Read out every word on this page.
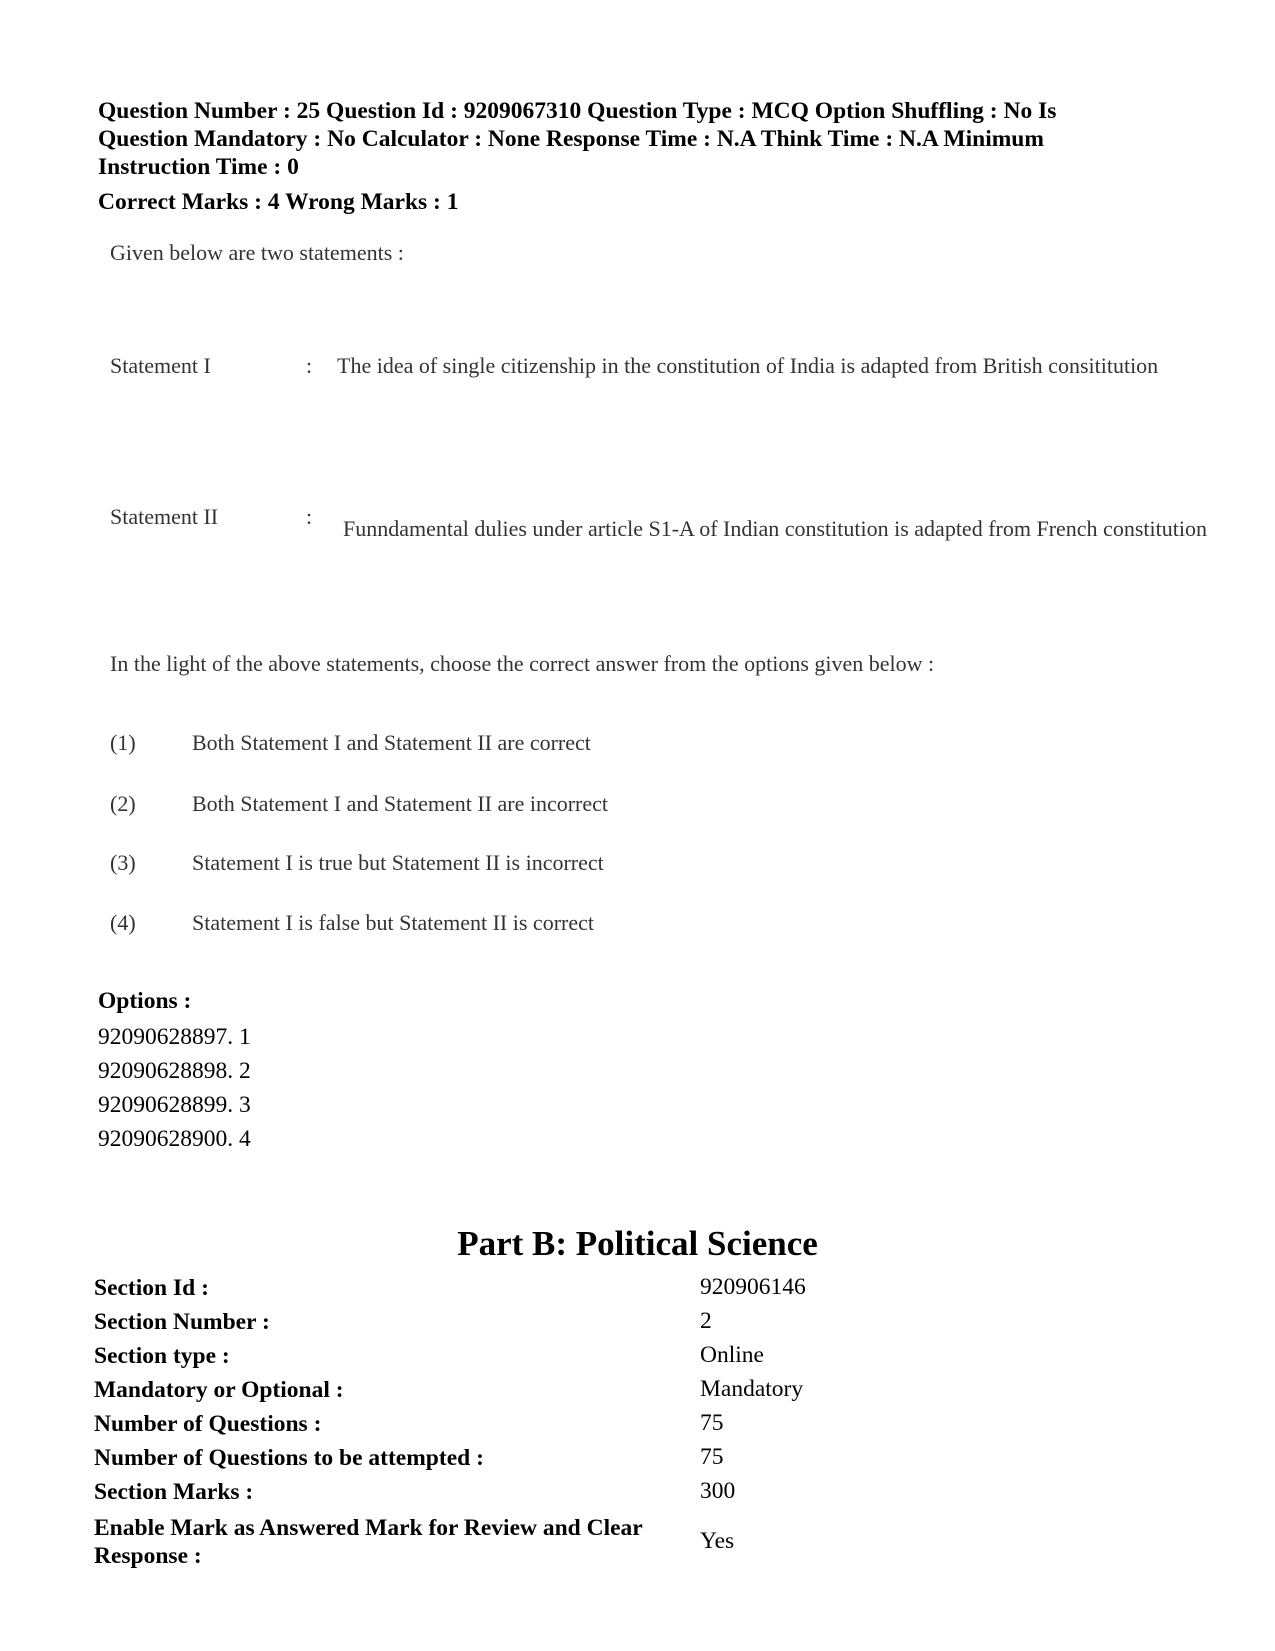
Question Number : 25 Question Id : 9209067310 Question Type : MCQ Option Shuffling : No Is
Question Mandatory : No Calculator : None Response Time : N.A Think Time : N.A Minimum
Instruction Time : 0
Correct Marks : 4 Wrong Marks : 1
Given below are two statements :
Statement I	: The idea of single citizenship in the constitution of India is adapted from British consititution
Statement II	: Funndamental dulies under article S1-A of Indian constitution is adapted from French constitution
In the light of the above statements, choose the correct answer from the options given below :
(1)	Both Statement I and Statement II are correct
(2)	Both Statement I and Statement II are incorrect
(3)	Statement I is true but Statement II is incorrect
(4)	Statement I is false but Statement II is correct
Options :
92090628897. 1
92090628898. 2
92090628899. 3
92090628900. 4
Part B: Political Science
Section Id :	920906146
Section Number :	2
Section type :	Online
Mandatory or Optional :	Mandatory
Number of Questions :	75
Number of Questions to be attempted :	75
Section Marks :	300
Enable Mark as Answered Mark for Review and Clear Response :
Yes
